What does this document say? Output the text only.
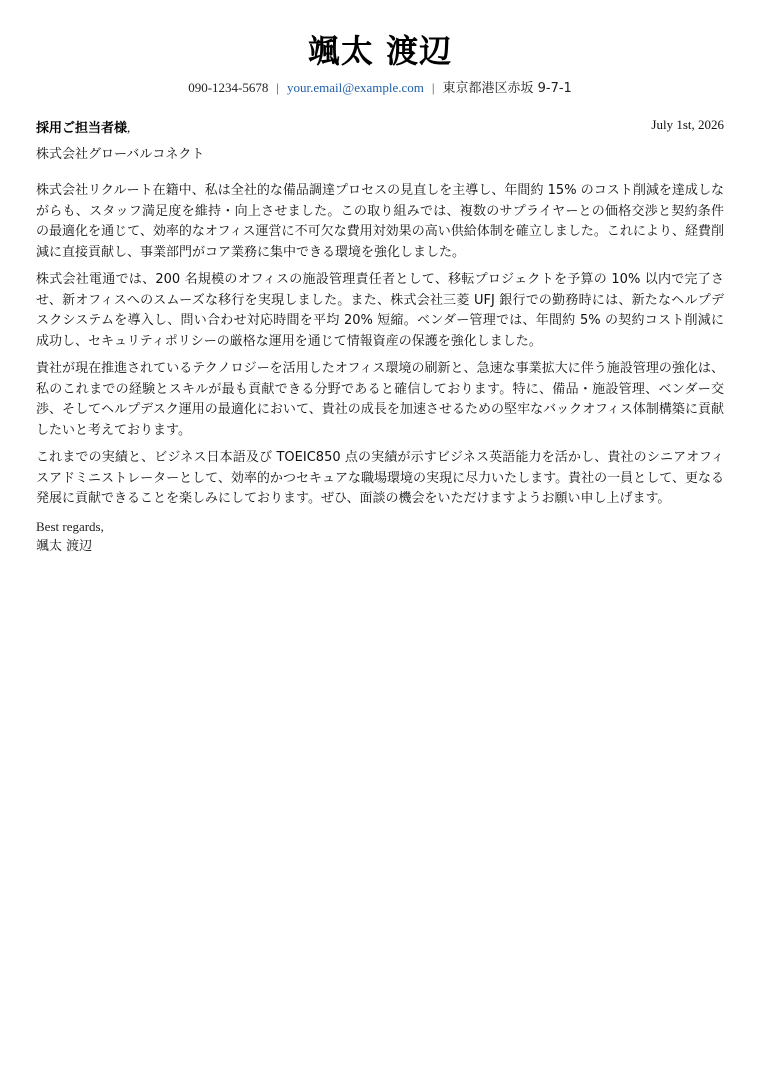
颯太 渡辺
090-1234-5678 | your.email@example.com | 東京都港区赤坂 9-7-1
採用ご担当者様,	July 1st, 2026
株式会社グローバルコネクト

株式会社リクルート在籍中、私は全社的な備品調達プロセスの見直しを主導し、年間約 15% のコスト削減を達成しながらも、スタッフ満足度を維持・向上させました。この取り組みでは、複数のサプライヤーとの価格交渉と契約条件の最適化を通じて、効率的なオフィス運営に不可欠な費用対効果の高い供給体制を確立しました。これにより、経費削減に直接貢献し、事業部門がコア業務に集中できる環境を強化しました。

株式会社電通では、200 名規模のオフィスの施設管理責任者として、移転プロジェクトを予算の 10% 以内で完了させ、新オフィスへのスムーズな移行を実現しました。また、株式会社三菱 UFJ 銀行での勤務時には、新たなヘルプデスクシステムを導入し、問い合わせ対応時間を平均 20% 短縮。ベンダー管理では、年間約 5% の契約コスト削減に成功し、セキュリティポリシーの厳格な運用を通じて情報資産の保護を強化しました。

貴社が現在推進されているテクノロジーを活用したオフィス環境の刷新と、急速な事業拡大に伴う施設管理の強化は、私のこれまでの経験とスキルが最も貢献できる分野であると確信しております。特に、備品・施設管理、ベンダー交渉、そしてヘルプデスク運用の最適化において、貴社の成長を加速させるための堅牢なバックオフィス体制構築に貢献したいと考えております。

これまでの実績と、ビジネス日本語及び TOEIC850 点の実績が示すビジネス英語能力を活かし、貴社のシニアオフィスアドミニストレーターとして、効率的かつセキュアな職場環境の実現に尽力いたします。貴社の一員として、更なる発展に貢献できることを楽しみにしております。ぜひ、面談の機会をいただけますようお願い申し上げます。

Best regards,
颯太 渡辺
